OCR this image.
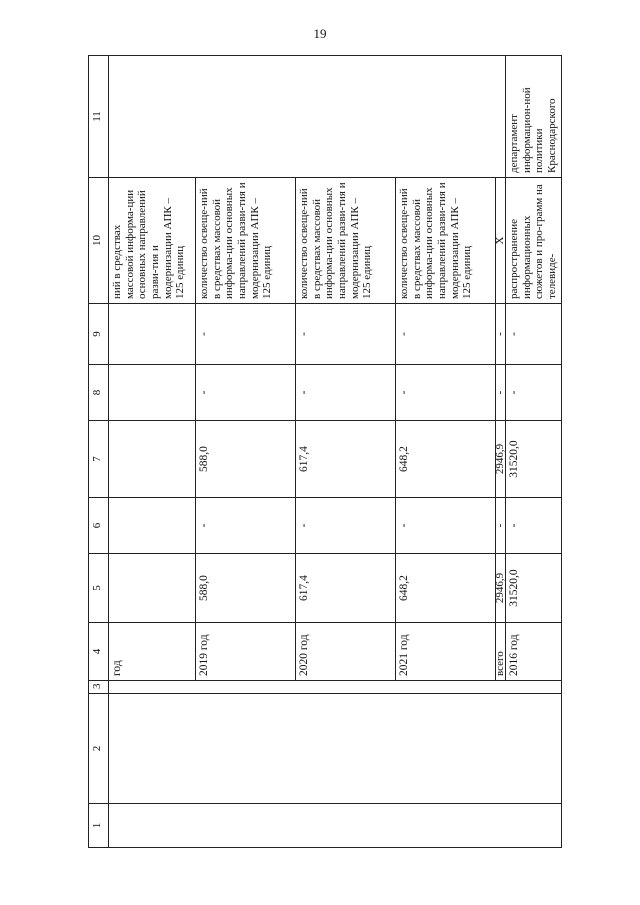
19
1	2	3	4	5	6	7	8	9	10	11
			год						ний в средствах массовой информа-ции основных направлений разви-тия и модернизации АПК – 125 единиц	
			2019 год	588,0	-	588,0	-	-	количество освеще-ний в средствах массовой информа-ции основных направлений разви-тия и модернизации АПК – 125 единиц	
			2020 год	617,4	-	617,4	-	-	количество освеще-ний в средствах массовой информа-ции основных направлений разви-тия и модернизации АПК – 125 единиц	
			2021 год	648,2	-	648,2	-	-	количество освеще-ний в средствах массовой информа-ции основных направлений разви-тия и модернизации АПК – 125 единиц	
			всего	2946,9	-	2946,9	-	-	Х	
			2016 год	31520,0	-	31520,0	-	-	распространение информационных сюжетов и про-грамм на телевиде-	департамент информацион-ной политики Краснодарского
